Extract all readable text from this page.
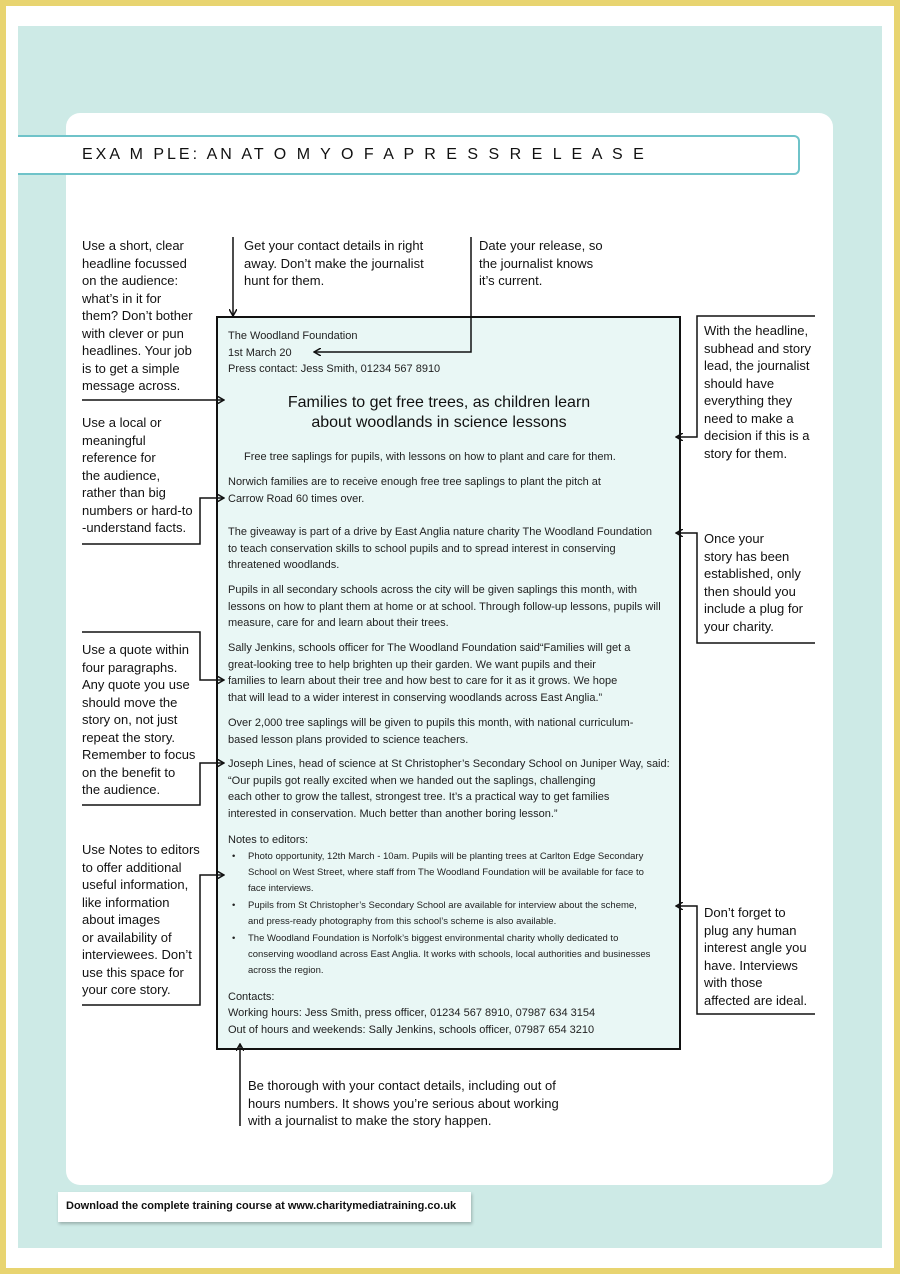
EXA M PLE: AN AT O M Y O F A P R E S S R E L E A S E
Use a short, clear
headline focussed
on the audience:
what’s in it for
them? Don’t bother
with clever or pun
headlines. Your job
is to get a simple
message across.
Get your contact details in right
away. Don’t make the journalist
hunt for them.
Date your release, so
the journalist knows
it’s current.
With the headline,
subhead and story
lead, the journalist
should have
everything they
need to make a
decision if this is a
story for them.
Use a local or
meaningful
reference for
the audience,
rather than big
numbers or hard-to
-understand facts.
Once your
story has been
established, only
then should you
include a plug for
your charity.
Use a quote within
four paragraphs.
Any quote you use
should move the
story on, not just
repeat the story.
Remember to focus
on the benefit to
the audience.
Use Notes to editors
to offer additional
useful information,
like information
about images
or availability of
interviewees. Don’t
use this space for
your core story.
Don’t forget to
plug any human
interest angle you
have. Interviews
with those
affected are ideal.
Be thorough with your contact details, including out of
hours numbers. It shows you’re serious about working
with a journalist to make the story happen.
The Woodland Foundation
1st March 20
Press contact: Jess Smith, 01234 567 8910
Families to get free trees, as children learn
about woodlands in science lessons
Free tree saplings for pupils, with lessons on how to plant and care for them.
Norwich families are to receive enough free tree saplings to plant the pitch at
Carrow Road 60 times over.
The giveaway is part of a drive by East Anglia nature charity The Woodland Foundation
to teach conservation skills to school pupils and to spread interest in conserving
threatened woodlands.
Pupils in all secondary schools across the city will be given saplings this month, with
lessons on how to plant them at home or at school. Through follow-up lessons, pupils will
measure, care for and learn about their trees.
Sally Jenkins, schools officer for The Woodland Foundation said“Families will get a
great-looking tree to help brighten up their garden. We want pupils and their
families to learn about their tree and how best to care for it as it grows. We hope
that will lead to a wider interest in conserving woodlands across East Anglia.”
Over 2,000 tree saplings will be given to pupils this month, with national curriculum-
based lesson plans provided to science teachers.
Joseph Lines, head of science at St Christopher’s Secondary School on Juniper Way, said:
“Our pupils got really excited when we handed out the saplings, challenging
each other to grow the tallest, strongest tree. It’s a practical way to get families
interested in conservation. Much better than another boring lesson.”
Notes to editors:
• Photo opportunity, 12th March - 10am. Pupils will be planting trees at Carlton Edge Secondary
School on West Street, where staff from The Woodland Foundation will be available for face to
face interviews.
• Pupils from St Christopher’s Secondary School are available for interview about the scheme,
and press-ready photography from this school’s scheme is also available.
• The Woodland Foundation is Norfolk’s biggest environmental charity wholly dedicated to
conserving woodland across East Anglia. It works with schools, local authorities and businesses
across the region.
Contacts:
Working hours: Jess Smith, press officer, 01234 567 8910, 07987 634 3154
Out of hours and weekends: Sally Jenkins, schools officer, 07987 654 3210
Download the complete training course at www.charitymediatraining.co.uk
